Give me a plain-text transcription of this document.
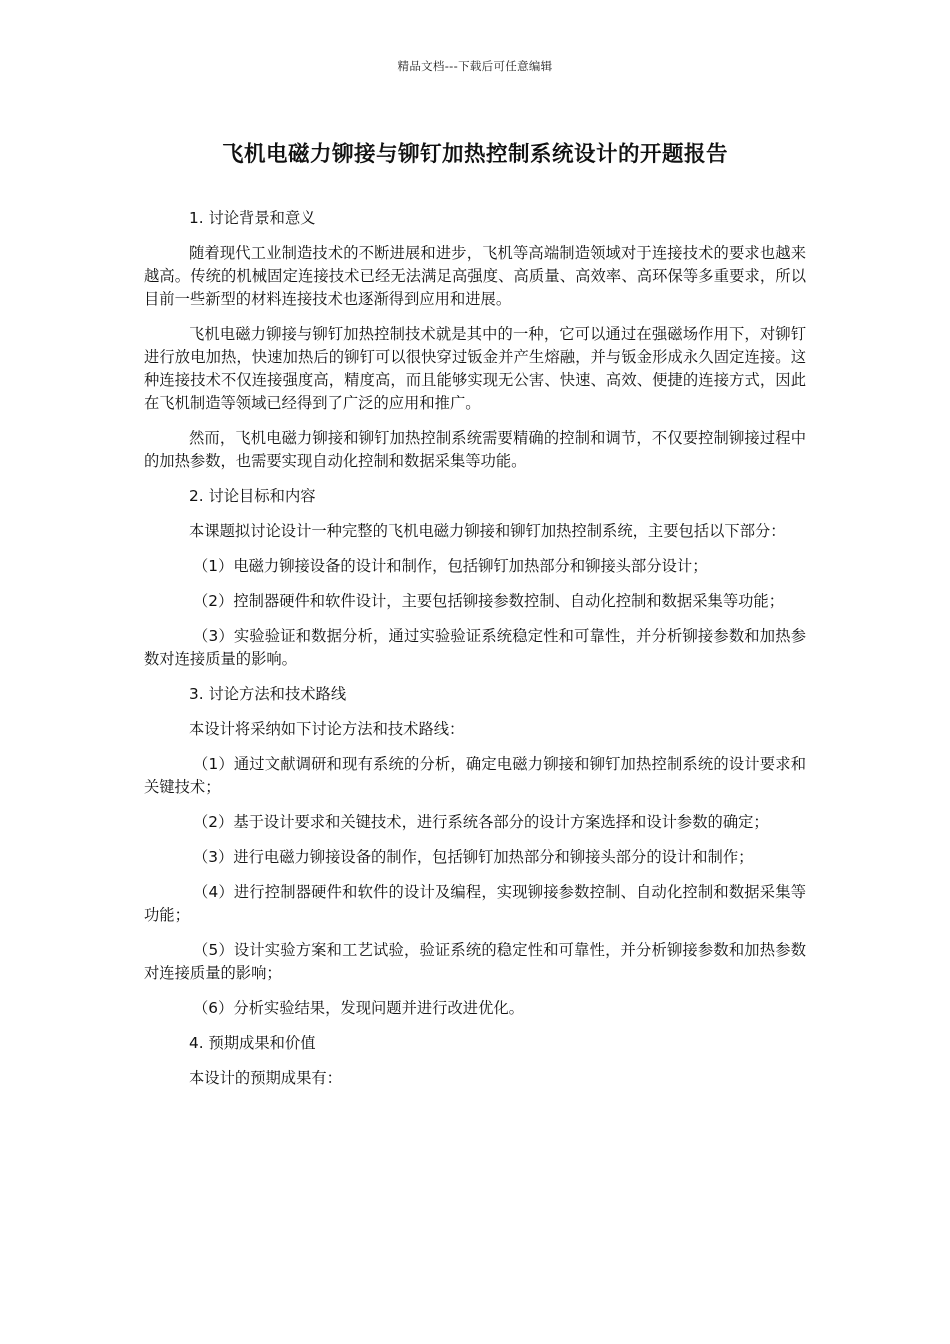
精品文档---下载后可任意编辑
飞机电磁力铆接与铆钉加热控制系统设计的开题报告

1. 讨论背景和意义

随着现代工业制造技术的不断进展和进步，飞机等高端制造领域对于连接技术的要求也越来越高。传统的机械固定连接技术已经无法满足高强度、高质量、高效率、高环保等多重要求，所以目前一些新型的材料连接技术也逐渐得到应用和进展。

飞机电磁力铆接与铆钉加热控制技术就是其中的一种，它可以通过在强磁场作用下，对铆钉进行放电加热，快速加热后的铆钉可以很快穿过钣金并产生熔融，并与钣金形成永久固定连接。这种连接技术不仅连接强度高，精度高，而且能够实现无公害、快速、高效、便捷的连接方式，因此在飞机制造等领域已经得到了广泛的应用和推广。

然而，飞机电磁力铆接和铆钉加热控制系统需要精确的控制和调节，不仅要控制铆接过程中的加热参数，也需要实现自动化控制和数据采集等功能。

2. 讨论目标和内容

本课题拟讨论设计一种完整的飞机电磁力铆接和铆钉加热控制系统，主要包括以下部分：

（1）电磁力铆接设备的设计和制作，包括铆钉加热部分和铆接头部分设计；

（2）控制器硬件和软件设计，主要包括铆接参数控制、自动化控制和数据采集等功能；

（3）实验验证和数据分析，通过实验验证系统稳定性和可靠性，并分析铆接参数和加热参数对连接质量的影响。

3. 讨论方法和技术路线

本设计将采纳如下讨论方法和技术路线：

（1）通过文献调研和现有系统的分析，确定电磁力铆接和铆钉加热控制系统的设计要求和关键技术；

（2）基于设计要求和关键技术，进行系统各部分的设计方案选择和设计参数的确定；

（3）进行电磁力铆接设备的制作，包括铆钉加热部分和铆接头部分的设计和制作；

（4）进行控制器硬件和软件的设计及编程，实现铆接参数控制、自动化控制和数据采集等功能；

（5）设计实验方案和工艺试验，验证系统的稳定性和可靠性，并分析铆接参数和加热参数对连接质量的影响；

（6）分析实验结果，发现问题并进行改进优化。

4. 预期成果和价值

本设计的预期成果有：
